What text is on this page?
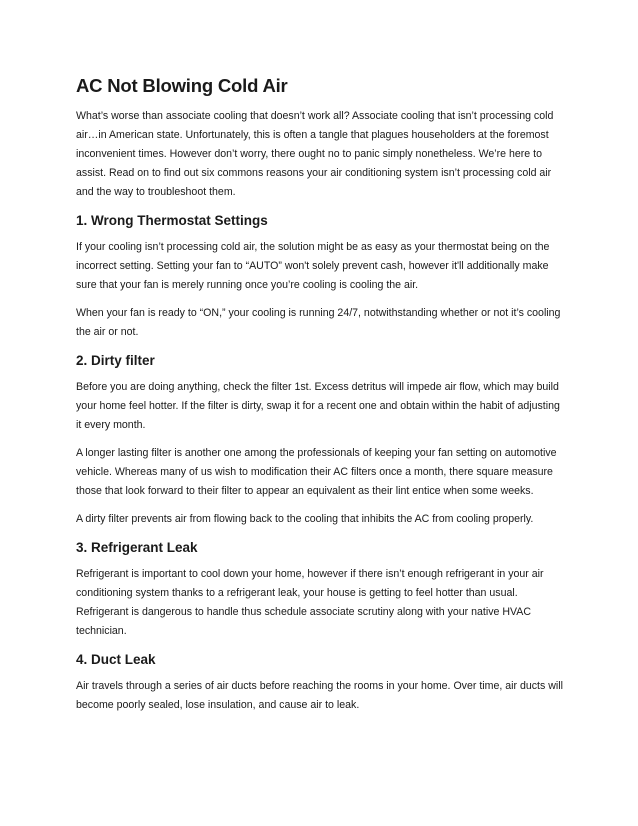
AC Not Blowing Cold Air

What’s worse than associate cooling that doesn’t work all? Associate cooling that isn’t processing cold air…in American state. Unfortunately, this is often a tangle that plagues householders at the foremost inconvenient times. However don’t worry, there ought no to panic simply nonetheless. We’re here to assist. Read on to find out six commons reasons your air conditioning system isn’t processing cold air and the way to troubleshoot them.

1. Wrong Thermostat Settings

If your cooling isn’t processing cold air, the solution might be as easy as your thermostat being on the incorrect setting. Setting your fan to “AUTO” won't solely prevent cash, however it'll additionally make sure that your fan is merely running once you’re cooling is cooling the air.

When your fan is ready to “ON,” your cooling is running 24/7, notwithstanding whether or not it’s cooling the air or not.

2. Dirty filter

Before you are doing anything, check the filter 1st. Excess detritus will impede air flow, which may build your home feel hotter. If the filter is dirty, swap it for a recent one and obtain within the habit of adjusting it every month.

A longer lasting filter is another one among the professionals of keeping your fan setting on automotive vehicle. Whereas many of us wish to modification their AC filters once a month, there square measure those that look forward to their filter to appear an equivalent as their lint entice when some weeks.

A dirty filter prevents air from flowing back to the cooling that inhibits the AC from cooling properly.

3. Refrigerant Leak

Refrigerant is important to cool down your home, however if there isn’t enough refrigerant in your air conditioning system thanks to a refrigerant leak, your house is getting to feel hotter than usual. Refrigerant is dangerous to handle thus schedule associate scrutiny along with your native HVAC technician.

4. Duct Leak

Air travels through a series of air ducts before reaching the rooms in your home. Over time, air ducts will become poorly sealed, lose insulation, and cause air to leak.
